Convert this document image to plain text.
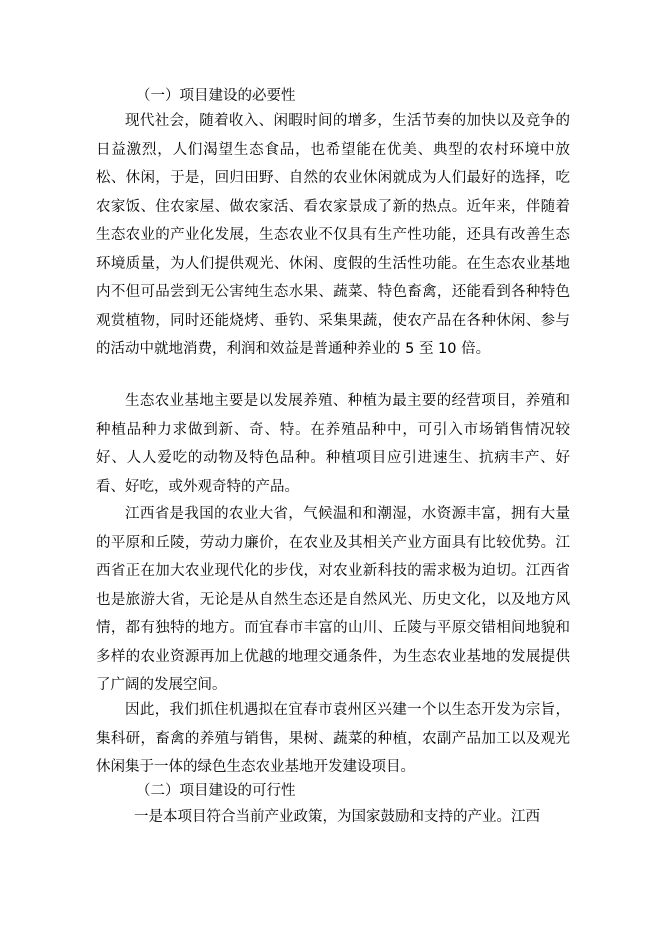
（一）项目建设的必要性

现代社会，随着收入、闲暇时间的增多，生活节奏的加快以及竞争的日益激烈，人们渴望生态食品，也希望能在优美、典型的农村环境中放松、休闲，于是，回归田野、自然的农业休闲就成为人们最好的选择，吃农家饭、住农家屋、做农家活、看农家景成了新的热点。近年来，伴随着生态农业的产业化发展，生态农业不仅具有生产性功能，还具有改善生态环境质量，为人们提供观光、休闲、度假的生活性功能。在生态农业基地内不但可品尝到无公害纯生态水果、蔬菜、特色畜禽，还能看到各种特色观赏植物，同时还能烧烤、垂钓、采集果蔬，使农产品在各种休闲、参与的活动中就地消费，利润和效益是普通种养业的 5 至 10 倍。

生态农业基地主要是以发展养殖、种植为最主要的经营项目，养殖和种植品种力求做到新、奇、特。在养殖品种中，可引入市场销售情况较好、人人爱吃的动物及特色品种。种植项目应引进速生、抗病丰产、好看、好吃，或外观奇特的产品。

江西省是我国的农业大省，气候温和和潮湿，水资源丰富，拥有大量的平原和丘陵，劳动力廉价，在农业及其相关产业方面具有比较优势。江西省正在加大农业现代化的步伐，对农业新科技的需求极为迫切。江西省也是旅游大省，无论是从自然生态还是自然风光、历史文化，以及地方风情，都有独特的地方。而宜春市丰富的山川、丘陵与平原交错相间地貌和多样的农业资源再加上优越的地理交通条件，为生态农业基地的发展提供了广阔的发展空间。

因此，我们抓住机遇拟在宜春市袁州区兴建一个以生态开发为宗旨，集科研，畜禽的养殖与销售，果树、蔬菜的种植，农副产品加工以及观光休闲集于一体的绿色生态农业基地开发建设项目。

（二）项目建设的可行性

一是本项目符合当前产业政策，为国家鼓励和支持的产业。江西
